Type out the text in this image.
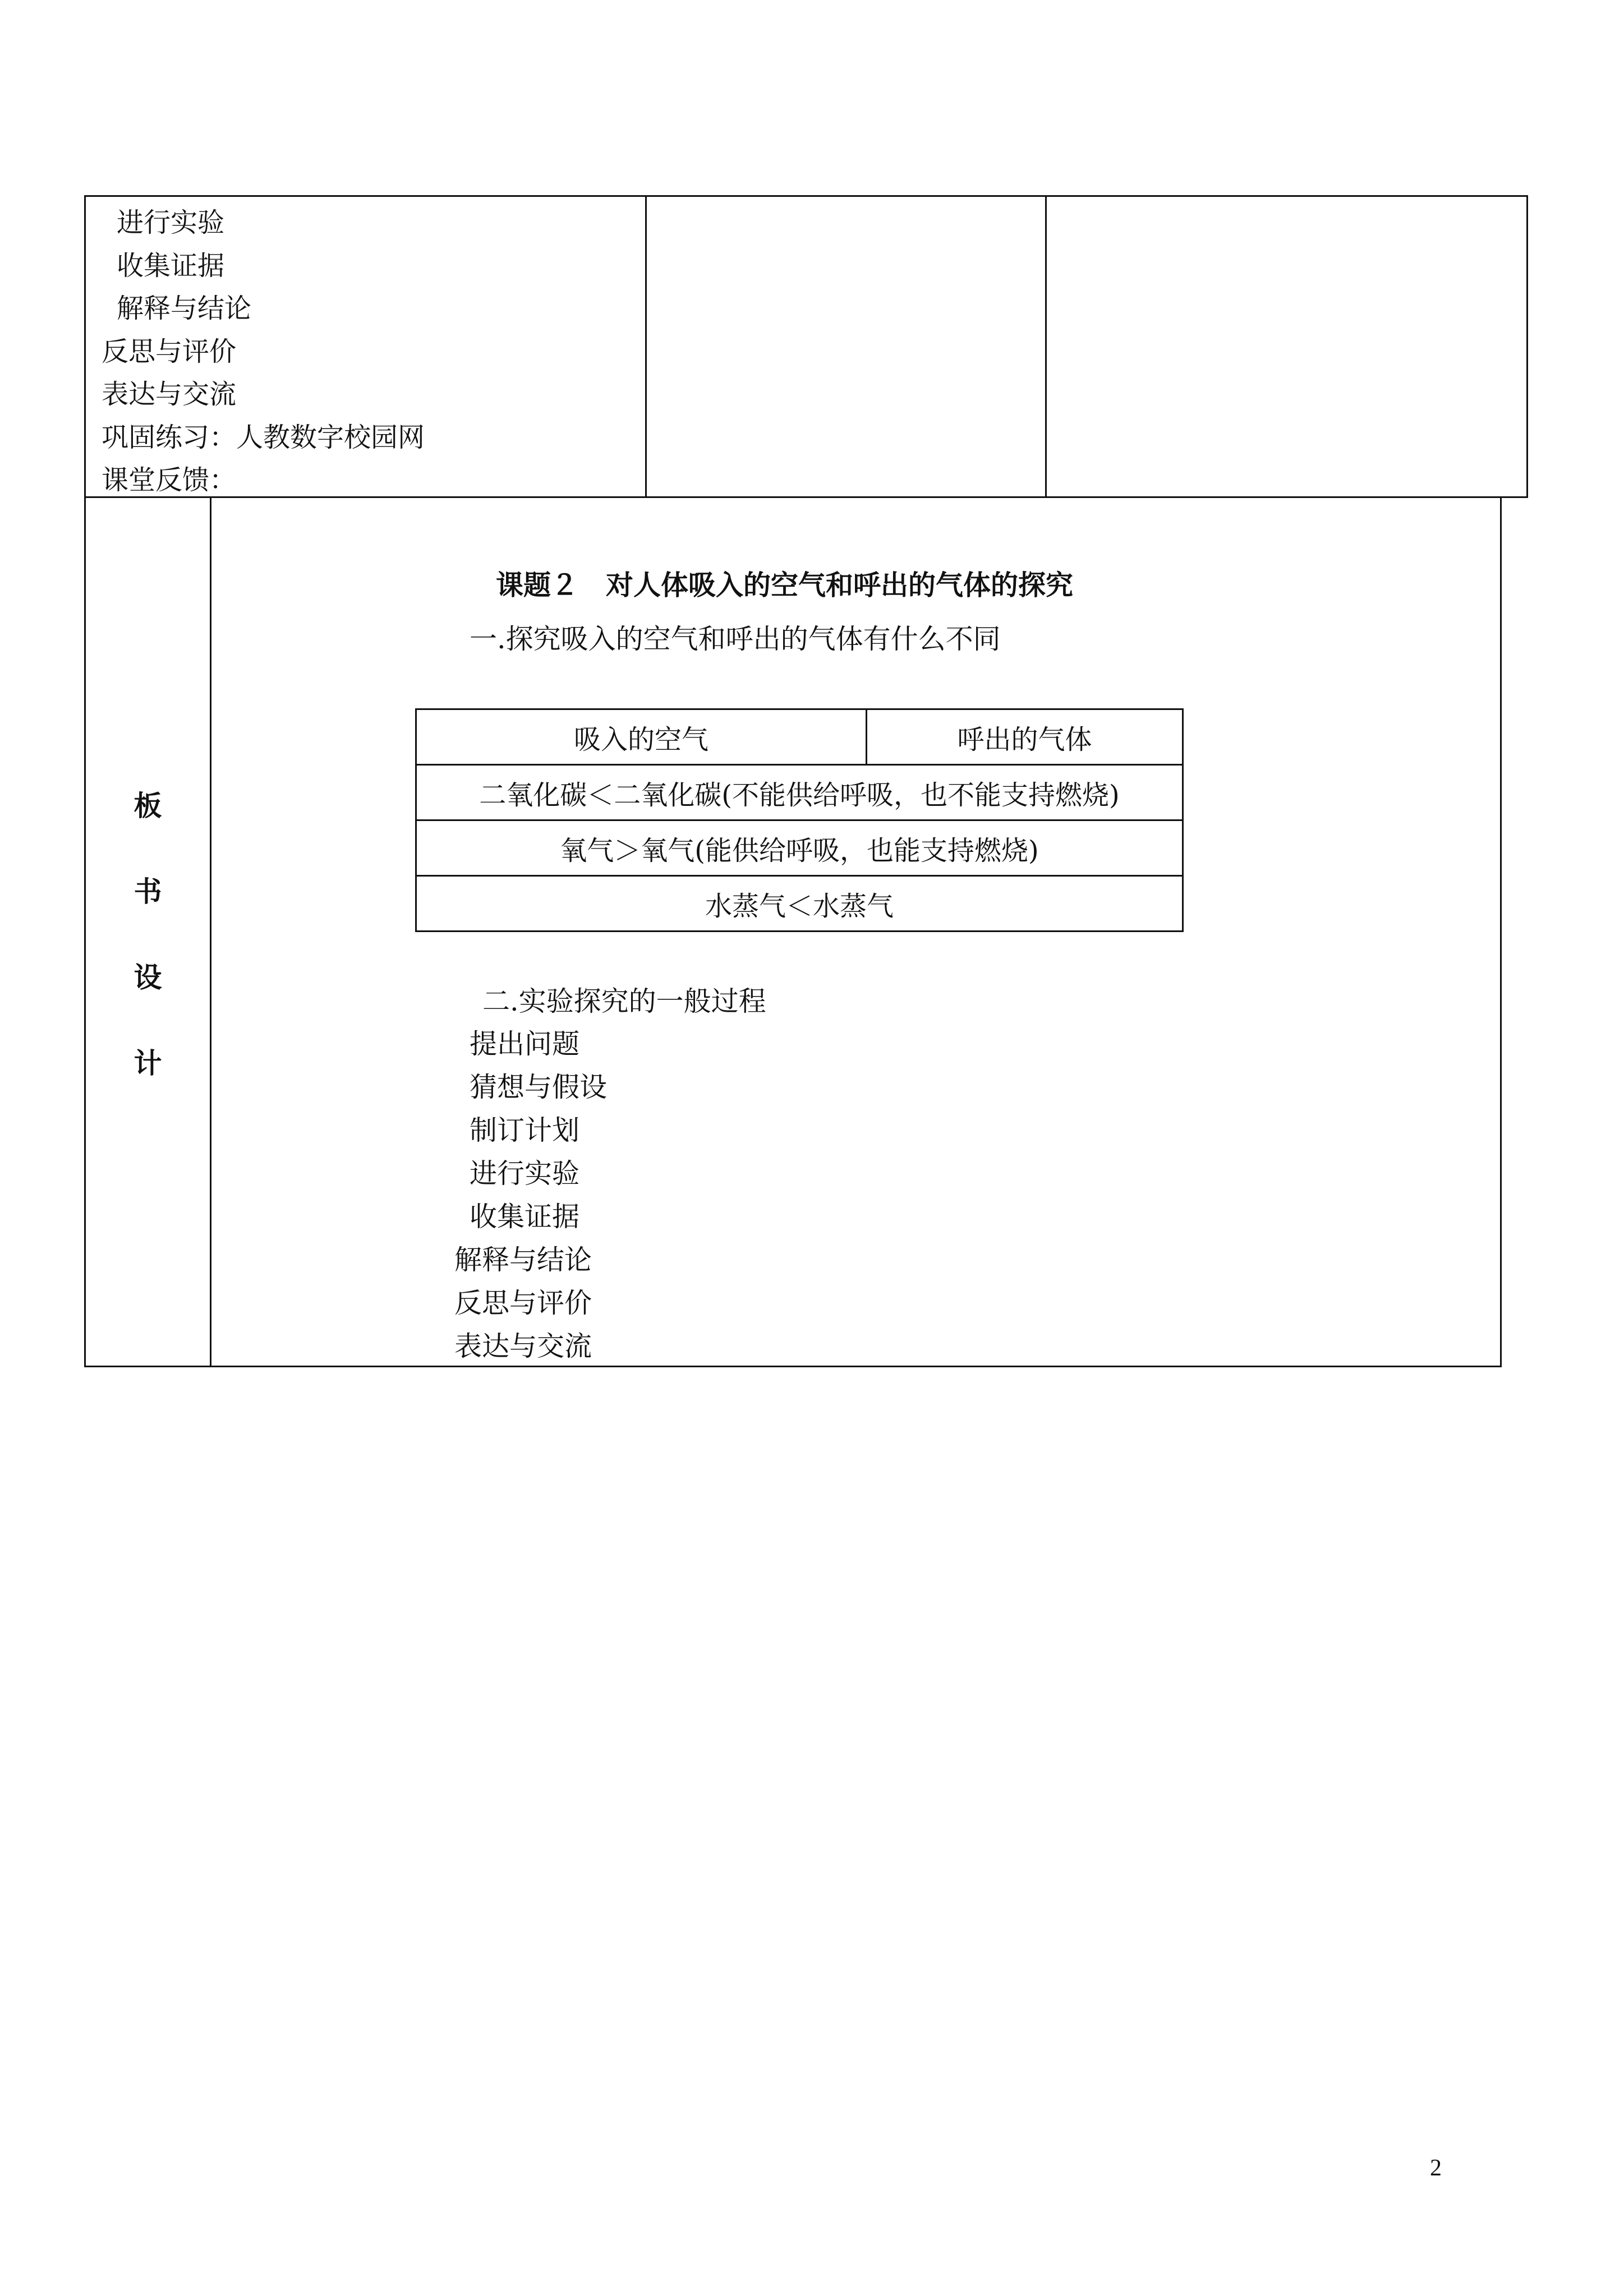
进行实验
收集证据
解释与结论
反思与评价
表达与交流
巩固练习：人教数字校园网
课堂反馈：
板
书
设
计
课题２　对人体吸入的空气和呼出的气体的探究
一.探究吸入的空气和呼出的气体有什么不同
吸入的空气	呼出的气体
二氧化碳＜二氧化碳(不能供给呼吸，也不能支持燃烧)
氧气＞氧气(能供给呼吸，也能支持燃烧)
水蒸气＜水蒸气
二.实验探究的一般过程
提出问题
猜想与假设
制订计划
进行实验
收集证据
解释与结论
反思与评价
表达与交流
2
